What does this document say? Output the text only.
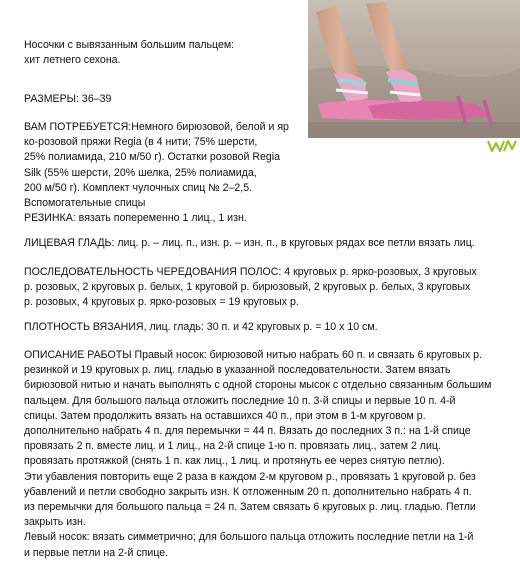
Носочки с вывязанным большим пальцем:
хит летнего сехона.

РАЗМЕРЫ: 36–39

ВАМ ПОТРЕБУЕТСЯ:Немного бирюзовой, белой и яр
ко-розовой пряжи Regia (в 4 нити; 75% шерсти,
25% полиамида, 210 м/50 г). Остатки розовой Regia
Silk (55% шерсти, 20% шелка, 25% полиамида,
200 м/50 г). Комплект чулочных спиц № 2–2,5.
Вспомогательные спицы

РЕЗИНКА: вязать попеременно 1 лиц., 1 изн.

ЛИЦЕВАЯ ГЛАДЬ: лиц. р. – лиц. п., изн. р. – изн. п., в круговых рядах все петли вязать лиц.

ПОСЛЕДОВАТЕЛЬНОСТЬ ЧЕРЕДОВАНИЯ ПОЛОС: 4 круговых р. ярко-розовых, 3 круговых
р. розовых, 2 круговых р. белых, 1 круговой р. бирюзовый, 2 круговых р. белых, 3 круговых
р. розовых, 4 круговых р. ярко-розовых = 19 круговых р.

ПЛОТНОСТЬ ВЯЗАНИЯ, лиц. гладь: 30 п. и 42 круговых р. = 10 х 10 см.

ОПИСАНИЕ РАБОТЫ Правый носок: бирюзовой нитью набрать 60 п. и связать 6 круговых р.
резинкой и 19 круговых р. лиц. гладью в указанной последовательности. Затем вязать
бирюзовой нитью и начать выполнять с одной стороны мысок с отдельно связанным большим
пальцем. Для большого пальца отложить последние 10 п. 3-й спицы и первые 10 п. 4-й
спицы. Затем продолжить вязать на оставшихся 40 п., при этом в 1-м круговом р.
дополнительно набрать 4 п. для перемычки = 44 п. Вязать до последних 3 п.: на 1-й спице
провязать 2 п. вместе лиц. и 1 лиц., на 2-й спице 1-ю п. провязать лиц., затем 2 лиц.
провязать протяжкой (снять 1 п. как лиц., 1 лиц. и протянуть ее через снятую петлю).
Эти убавления повторить еще 2 раза в каждом 2-м круговом р., провязать 1 круговой р. без
убавлений и петли свободно закрыть изн. К отложенным 20 п. дополнительно набрать 4 п.
из перемычки для большого пальца = 24 п. Затем связать 6 круговых р. лиц. гладью. Петли
закрыть изн.
Левый носок: вязать симметрично; для большого пальца отложить последние петли на 1-й
и первые петли на 2-й спице.
